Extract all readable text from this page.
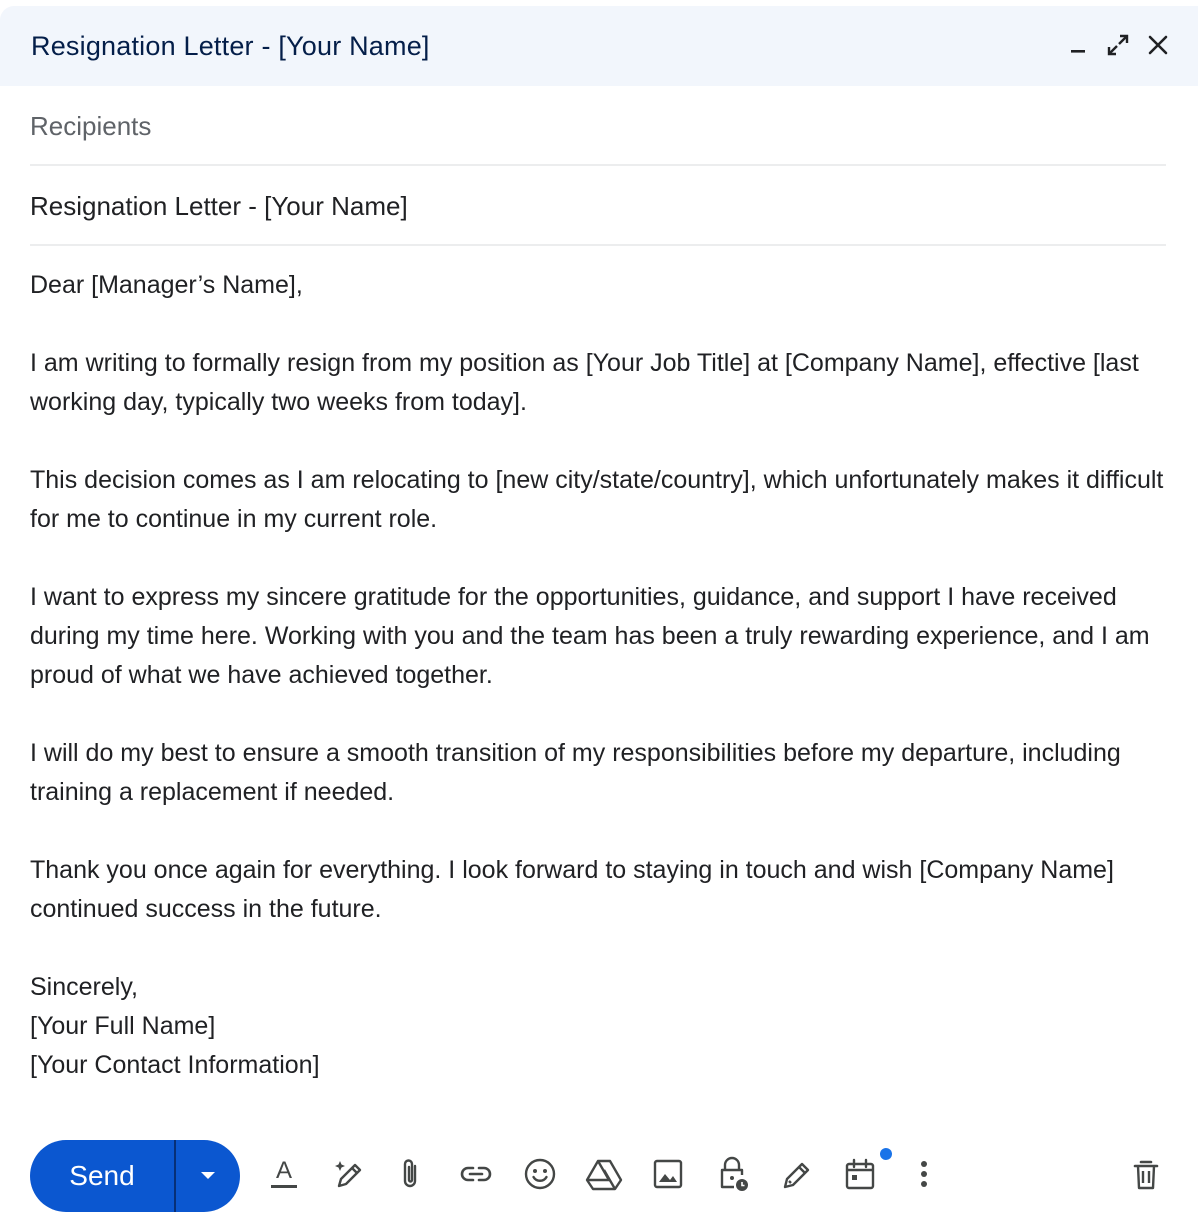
Resignation Letter - [Your Name]
Recipients
Resignation Letter - [Your Name]

Dear [Manager’s Name],

I am writing to formally resign from my position as [Your Job Title] at [Company Name], effective [last working day, typically two weeks from today].

This decision comes as I am relocating to [new city/state/country], which unfortunately makes it difficult for me to continue in my current role.

I want to express my sincere gratitude for the opportunities, guidance, and support I have received during my time here. Working with you and the team has been a truly rewarding experience, and I am proud of what we have achieved together.

I will do my best to ensure a smooth transition of my responsibilities before my departure, including training a replacement if needed.

Thank you once again for everything. I look forward to staying in touch and wish [Company Name] continued success in the future.

Sincerely,

[Your Full Name]

[Your Contact Information]

Send	A
